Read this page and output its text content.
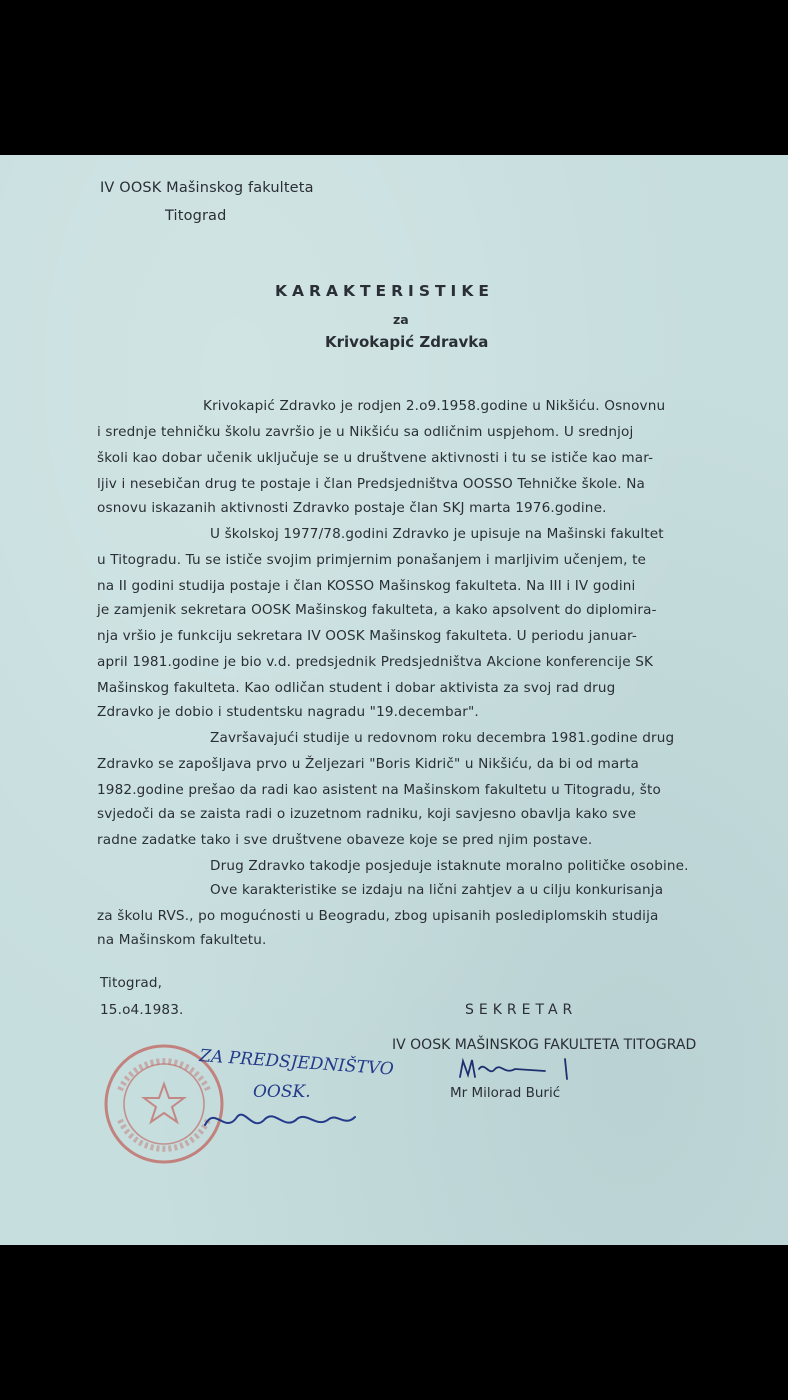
IV OOSK Mašinskog fakulteta
Titograd
KARAKTERISTIKE
za
Krivokapić Zdravka
Krivokapić Zdravko je rodjen 2.o9.1958.godine u Nikšiću. Osnovnu
i srednje tehničku školu završio je u Nikšiću sa odličnim uspjehom. U srednjoj
školi kao dobar učenik uključuje se u društvene aktivnosti i tu se ističe kao mar-
ljiv i nesebičan drug te postaje i član Predsjedništva OOSSO Tehničke škole. Na
osnovu iskazanih aktivnosti Zdravko postaje član SKJ marta 1976.godine.
U školskoj 1977/78.godini Zdravko je upisuje na Mašinski fakultet
u Titogradu. Tu se ističe svojim primjernim ponašanjem i marljivim učenjem, te
na II godini studija postaje i član KOSSO Mašinskog fakulteta. Na III i IV godini
je zamjenik sekretara OOSK Mašinskog fakulteta, a kako apsolvent do diplomira-
nja vršio je funkciju sekretara IV OOSK Mašinskog fakulteta. U periodu januar-
april 1981.godine je bio v.d. predsjednik Predsjedništva Akcione konferencije SK
Mašinskog fakulteta. Kao odličan student i dobar aktivista za svoj rad drug
Zdravko je dobio i studentsku nagradu "19.decembar".
Završavajući studije u redovnom roku decembra 1981.godine drug
Zdravko se zapošljava prvo u Željezari "Boris Kidrič" u Nikšiću, da bi od marta
1982.godine prešao da radi kao asistent na Mašinskom fakultetu u Titogradu, što
svjedoči da se zaista radi o izuzetnom radniku, koji savjesno obavlja kako sve
radne zadatke tako i sve društvene obaveze koje se pred njim postave.
Drug Zdravko takodje posjeduje istaknute moralno političke osobine.
Ove karakteristike se izdaju na lični zahtjev a u cilju konkurisanja
za školu RVS., po mogućnosti u Beogradu, zbog upisanih poslediplomskih studija
na Mašinskom fakultetu.
Titograd,
15.o4.1983.	SEKRETAR
IV OOSK MAŠINSKOG FAKULTETA TITOGRAD
Mr Milorad Burić
ZA PREDSJEDNIŠTVO
OOSK.
